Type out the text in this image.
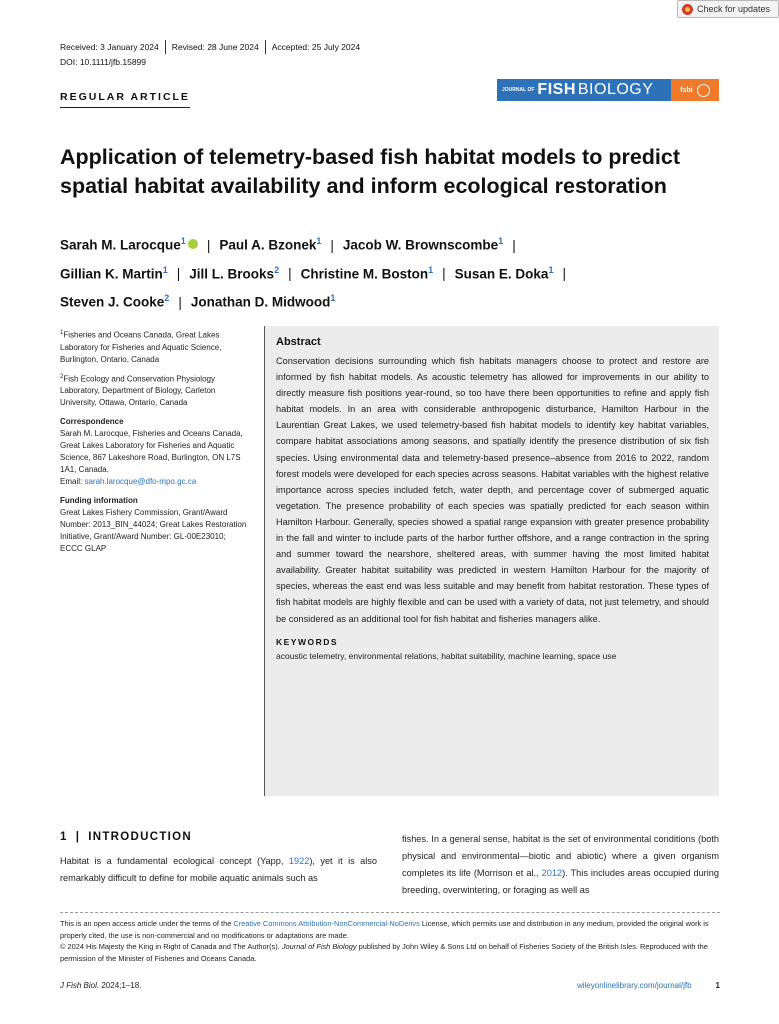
Check for updates
Received: 3 January 2024 Revised: 28 June 2024 Accepted: 25 July 2024
DOI: 10.1111/jfb.15899
REGULAR ARTICLE
JOURNAL OF FISH BIOLOGY	fsbi
Application of telemetry-based fish habitat models to predict spatial habitat availability and inform ecological restoration
Sarah M. Larocque$^1$ | Paul A. Bzonek$^1$ | Jacob W. Brownscombe$^1$ |
Gillian K. Martin$^1$ | Jill L. Brooks$^2$ | Christine M. Boston$^1$ | Susan E. Doka$^1$ |
Steven J. Cooke$^2$ | Jonathan D. Midwood$^1$

$^1$Fisheries and Oceans Canada, Great Lakes Laboratory for Fisheries and Aquatic Science, Burlington, Ontario, Canada

$^2$Fish Ecology and Conservation Physiology Laboratory, Department of Biology, Carleton University, Ottawa, Ontario, Canada

Correspondence

Sarah M. Larocque, Fisheries and Oceans Canada, Great Lakes Laboratory for Fisheries and Aquatic Science, 867 Lakeshore Road, Burlington, ON L7S 1A1, Canada.
Email: sarah.larocque@dfo-mpo.gc.ca

Funding information

Great Lakes Fishery Commission, Grant/Award Number: 2013_BIN_44024; Great Lakes Restoration Initiative, Grant/Award Number: GL-00E23010; ECCC GLAP

Abstract

Conservation decisions surrounding which fish habitats managers choose to protect and restore are informed by fish habitat models. As acoustic telemetry has allowed for improvements in our ability to directly measure fish positions year-round, so too have there been opportunities to refine and apply fish habitat models. In an area with considerable anthropogenic disturbance, Hamilton Harbour in the Laurentian Great Lakes, we used telemetry-based fish habitat models to identify key habitat variables, compare habitat associations among seasons, and spatially identify the presence distribution of six fish species. Using environmental data and telemetry-based presence–absence from 2016 to 2022, random forest models were developed for each species across seasons. Habitat variables with the highest relative importance across species included fetch, water depth, and percentage cover of submerged aquatic vegetation. The presence probability of each species was spatially predicted for each season within Hamilton Harbour. Generally, species showed a spatial range expansion with greater presence probability in the fall and winter to include parts of the harbor further offshore, and a range contraction in the spring and summer toward the nearshore, sheltered areas, with summer having the most limited habitat availability. Greater habitat suitability was predicted in western Hamilton Harbour for the majority of species, whereas the east end was less suitable and may benefit from habitat restoration. These types of fish habitat models are highly flexible and can be used with a variety of data, not just telemetry, and should be considered as an additional tool for fish habitat and fisheries managers alike.

KEYWORDS
acoustic telemetry, environmental relations, habitat suitability, machine learning, space use
1 | INTRODUCTION

Habitat is a fundamental ecological concept (Yapp, 1922), yet it is also remarkably difficult to define for mobile aquatic animals such as

fishes. In a general sense, habitat is the set of environmental conditions (both physical and environmental—biotic and abiotic) where a given organism completes its life (Morrison et al., 2012). This includes areas occupied during breeding, overwintering, or foraging as well as

This is an open access article under the terms of the Creative Commons Attribution-NonCommercial-NoDerivs License, which permits use and distribution in any medium, provided the original work is properly cited, the use is non-commercial and no modifications or adaptations are made.
© 2024 His Majesty the King in Right of Canada and The Author(s). Journal of Fish Biology published by John Wiley & Sons Ltd on behalf of Fisheries Society of the British Isles. Reproduced with the permission of the Minister of Fisheries and Oceans Canada.
J Fish Biol. 2024;1–18.	wileyonlinelibrary.com/journal/jfb	1
